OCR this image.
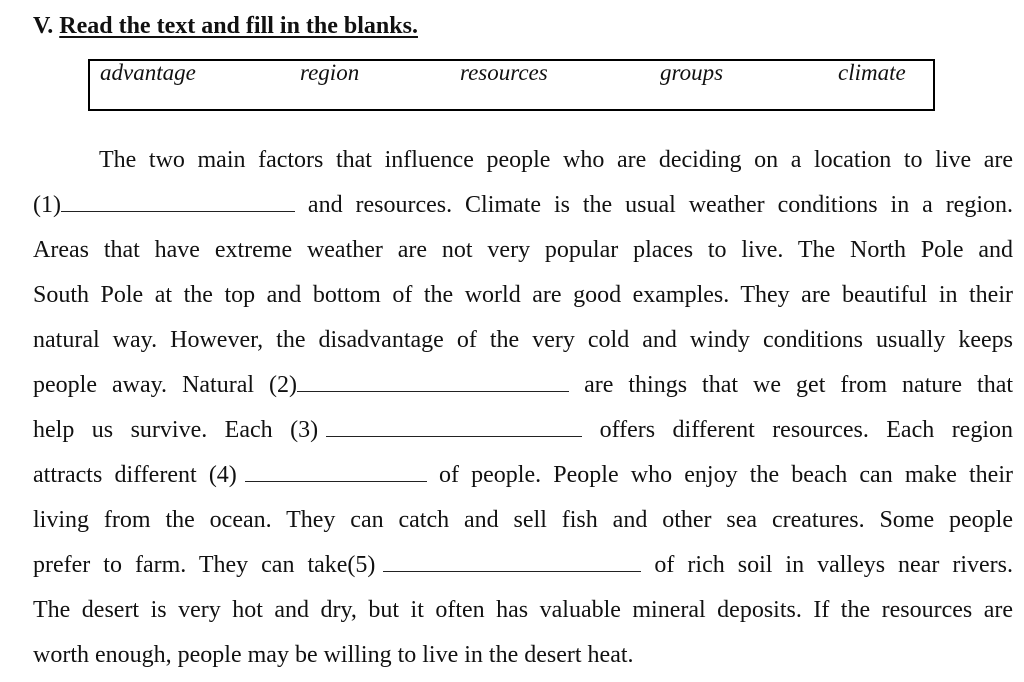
V. Read the text and fill in the blanks.
advantage	region	resources	groups	climate
The two main factors that influence people who are deciding on a location to live are
(1)	and resources. Climate is the usual weather conditions in a region.
Areas that have extreme weather are not very popular places to live. The North Pole and
South Pole at the top and bottom of the world are good examples. They are beautiful in their
natural way. However, the disadvantage of the very cold and windy conditions usually keeps
people away. Natural (2)	are things that we get from nature that
help us survive. Each (3)	offers different resources. Each region
attracts different (4)	of people. People who enjoy the beach can make their
living from the ocean. They can catch and sell fish and other sea creatures. Some people
prefer to farm. They can take(5)	of rich soil in valleys near rivers.
The desert is very hot and dry, but it often has valuable mineral deposits. If the resources are
worth enough, people may be willing to live in the desert heat.
